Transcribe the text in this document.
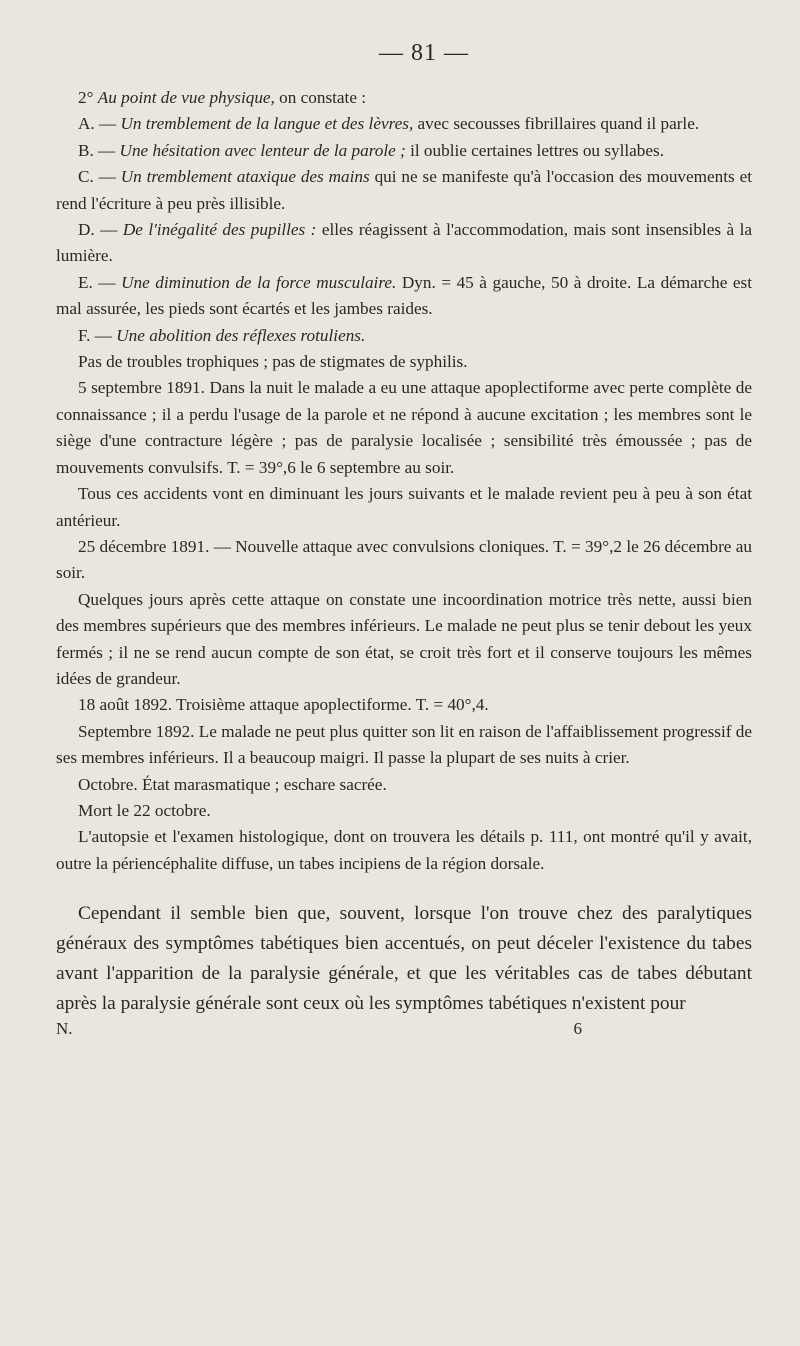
— 81 —

2° Au point de vue physique, on constate :

A. — Un tremblement de la langue et des lèvres, avec secousses fibrillaires quand il parle.

B. — Une hésitation avec lenteur de la parole ; il oublie certaines lettres ou syllabes.

C. — Un tremblement ataxique des mains qui ne se manifeste qu'à l'occasion des mouvements et rend l'écriture à peu près illisible.

D. — De l'inégalité des pupilles : elles réagissent à l'accommodation, mais sont insensibles à la lumière.

E. — Une diminution de la force musculaire. Dyn. = 45 à gauche, 50 à droite. La démarche est mal assurée, les pieds sont écartés et les jambes raides.

F. — Une abolition des réflexes rotuliens.

Pas de troubles trophiques ; pas de stigmates de syphilis.

5 septembre 1891. Dans la nuit le malade a eu une attaque apoplectiforme avec perte complète de connaissance ; il a perdu l'usage de la parole et ne répond à aucune excitation ; les membres sont le siège d'une contracture légère ; pas de paralysie localisée ; sensibilité très émoussée ; pas de mouvements convulsifs. T. = 39°,6 le 6 septembre au soir.

Tous ces accidents vont en diminuant les jours suivants et le malade revient peu à peu à son état antérieur.

25 décembre 1891. — Nouvelle attaque avec convulsions cloniques. T. = 39°,2 le 26 décembre au soir.

Quelques jours après cette attaque on constate une incoordination motrice très nette, aussi bien des membres supérieurs que des membres inférieurs. Le malade ne peut plus se tenir debout les yeux fermés ; il ne se rend aucun compte de son état, se croit très fort et il conserve toujours les mêmes idées de grandeur.

18 août 1892. Troisième attaque apoplectiforme. T. = 40°,4.

Septembre 1892. Le malade ne peut plus quitter son lit en raison de l'affaiblissement progressif de ses membres inférieurs. Il a beaucoup maigri. Il passe la plupart de ses nuits à crier.

Octobre. État marasmatique ; eschare sacrée.

Mort le 22 octobre.

L'autopsie et l'examen histologique, dont on trouvera les détails p. 111, ont montré qu'il y avait, outre la périencéphalite diffuse, un tabes incipiens de la région dorsale.

Cependant il semble bien que, souvent, lorsque l'on trouve chez des paralytiques généraux des symptômes tabétiques bien accentués, on peut déceler l'existence du tabes avant l'apparition de la paralysie générale, et que les véritables cas de tabes débutant après la paralysie générale sont ceux où les symptômes tabétiques n'existent pour

N.	6
